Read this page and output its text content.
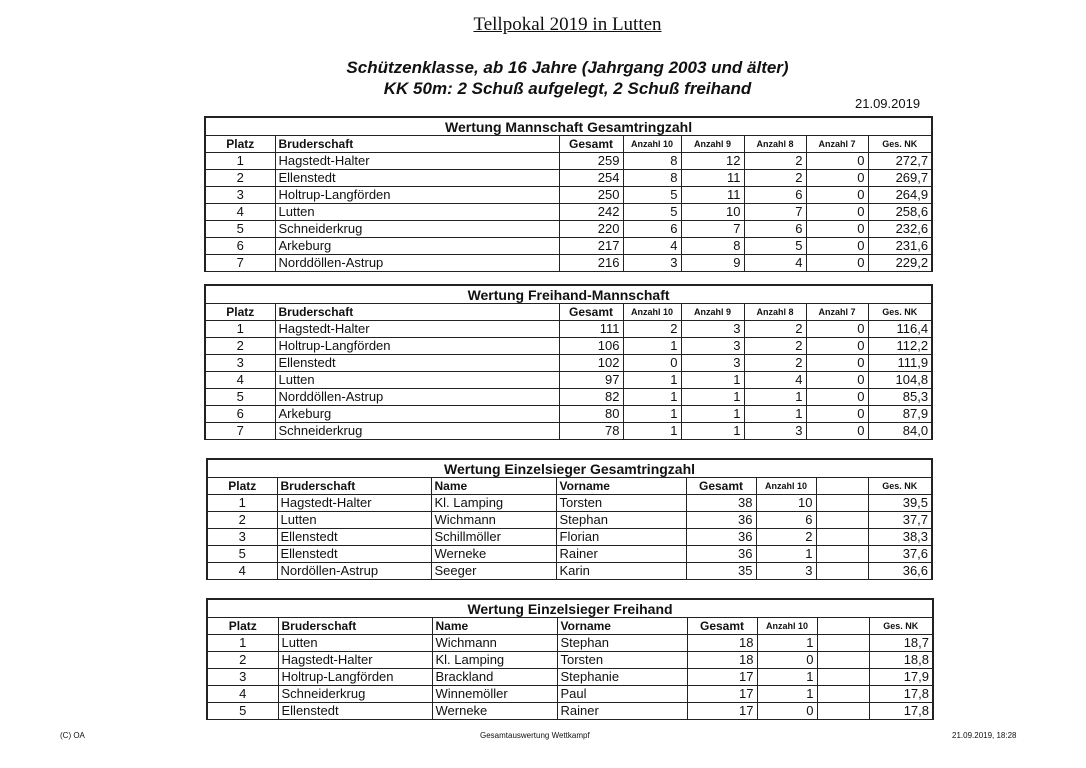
Tellpokal 2019 in Lutten
Schützenklasse, ab 16 Jahre (Jahrgang 2003 und älter)
KK 50m: 2 Schuß aufgelegt, 2 Schuß freihand
21.09.2019
Wertung Mannschaft Gesamtringzahl							
Platz	Bruderschaft	Gesamt	Anzahl 10	Anzahl 9	Anzahl 8	Anzahl 7	Ges. NK
1	Hagstedt-Halter	259	8	12	2	0	272,7
2	Ellenstedt	254	8	11	2	0	269,7
3	Holtrup-Langförden	250	5	11	6	0	264,9
4	Lutten	242	5	10	7	0	258,6
5	Schneiderkrug	220	6	7	6	0	232,6
6	Arkeburg	217	4	8	5	0	231,6
7	Norddöllen-Astrup	216	3	9	4	0	229,2
Wertung Freihand-Mannschaft							
Platz	Bruderschaft	Gesamt	Anzahl 10	Anzahl 9	Anzahl 8	Anzahl 7	Ges. NK
1	Hagstedt-Halter	111	2	3	2	0	116,4
2	Holtrup-Langförden	106	1	3	2	0	112,2
3	Ellenstedt	102	0	3	2	0	111,9
4	Lutten	97	1	1	4	0	104,8
5	Norddöllen-Astrup	82	1	1	1	0	85,3
6	Arkeburg	80	1	1	1	0	87,9
7	Schneiderkrug	78	1	1	3	0	84,0
Wertung Einzelsieger Gesamtringzahl							
Platz	Bruderschaft	Name	Vorname	Gesamt	Anzahl 10		Ges. NK
1	Hagstedt-Halter	Kl. Lamping	Torsten	38	10		39,5
2	Lutten	Wichmann	Stephan	36	6		37,7
3	Ellenstedt	Schillmöller	Florian	36	2		38,3
5	Ellenstedt	Werneke	Rainer	36	1		37,6
4	Nordöllen-Astrup	Seeger	Karin	35	3		36,6
Wertung Einzelsieger Freihand							
Platz	Bruderschaft	Name	Vorname	Gesamt	Anzahl 10		Ges. NK
1	Lutten	Wichmann	Stephan	18	1		18,7
2	Hagstedt-Halter	Kl. Lamping	Torsten	18	0		18,8
3	Holtrup-Langförden	Brackland	Stephanie	17	1		17,9
4	Schneiderkrug	Winnemöller	Paul	17	1		17,8
5	Ellenstedt	Werneke	Rainer	17	0		17,8
(C) OA	Gesamtauswertung Wettkampf	21.09.2019, 18:28
